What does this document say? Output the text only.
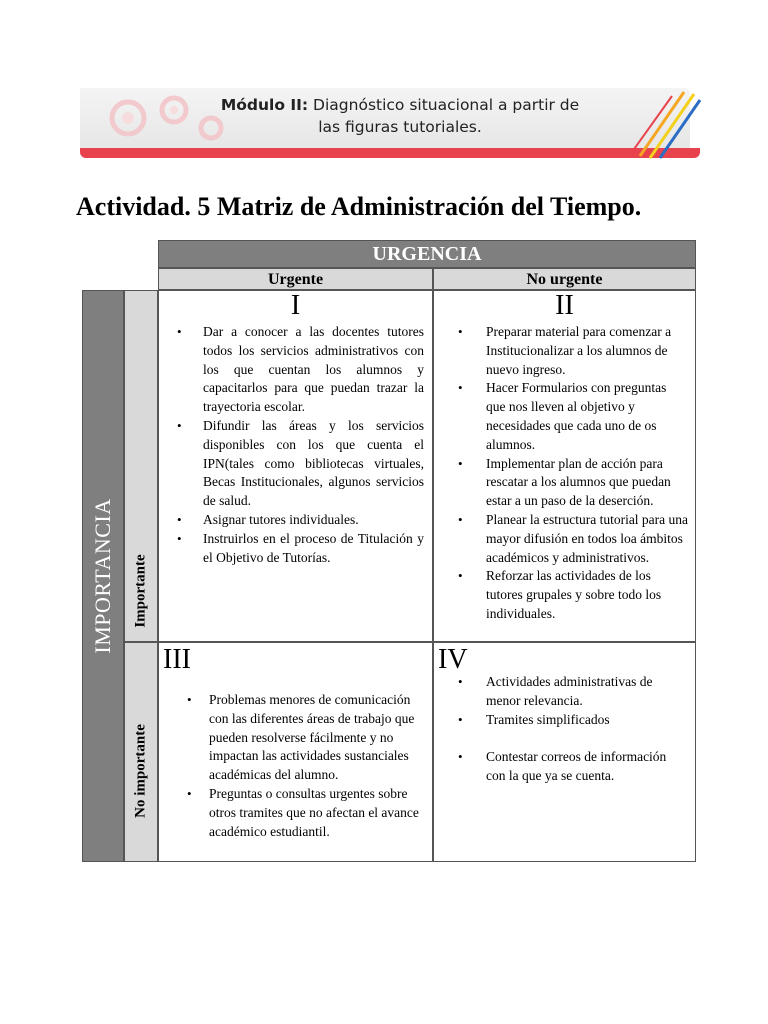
Módulo II: Diagnóstico situacional a partir de
las figuras tutoriales.
Actividad. 5 Matriz de Administración del Tiempo.
URGENCIA
Urgente	No urgente
IMPORTANCIA Importante
No importante
I
• Dar a conocer a las docentes tutores todos los servicios administrativos con los que cuentan los alumnos y capacitarlos para que puedan trazar la trayectoria escolar.
• Difundir las áreas y los servicios disponibles con los que cuenta el IPN(tales como bibliotecas virtuales, Becas Institucionales, algunos servicios de salud.
• Asignar tutores individuales.
• Instruirlos en el proceso de Titulación y el Objetivo de Tutorías.
II
• Preparar material para comenzar a Institucionalizar a los alumnos de nuevo ingreso.
• Hacer Formularios con preguntas que nos lleven al objetivo y necesidades que cada uno de os alumnos.
• Implementar plan de acción para rescatar a los alumnos que puedan estar a un paso de la deserción.
• Planear la estructura tutorial para una mayor difusión en todos loa ámbitos académicos y administrativos.
• Reforzar las actividades de los tutores grupales y sobre todo los individuales.
III
• Problemas menores de comunicación con las diferentes áreas de trabajo que pueden resolverse fácilmente y no impactan las actividades sustanciales académicas del alumno.
• Preguntas o consultas urgentes sobre otros tramites que no afectan el avance académico estudiantil.
IV
• Actividades administrativas de menor relevancia.
• Tramites simplificados
• Contestar correos de información con la que ya se cuenta.
